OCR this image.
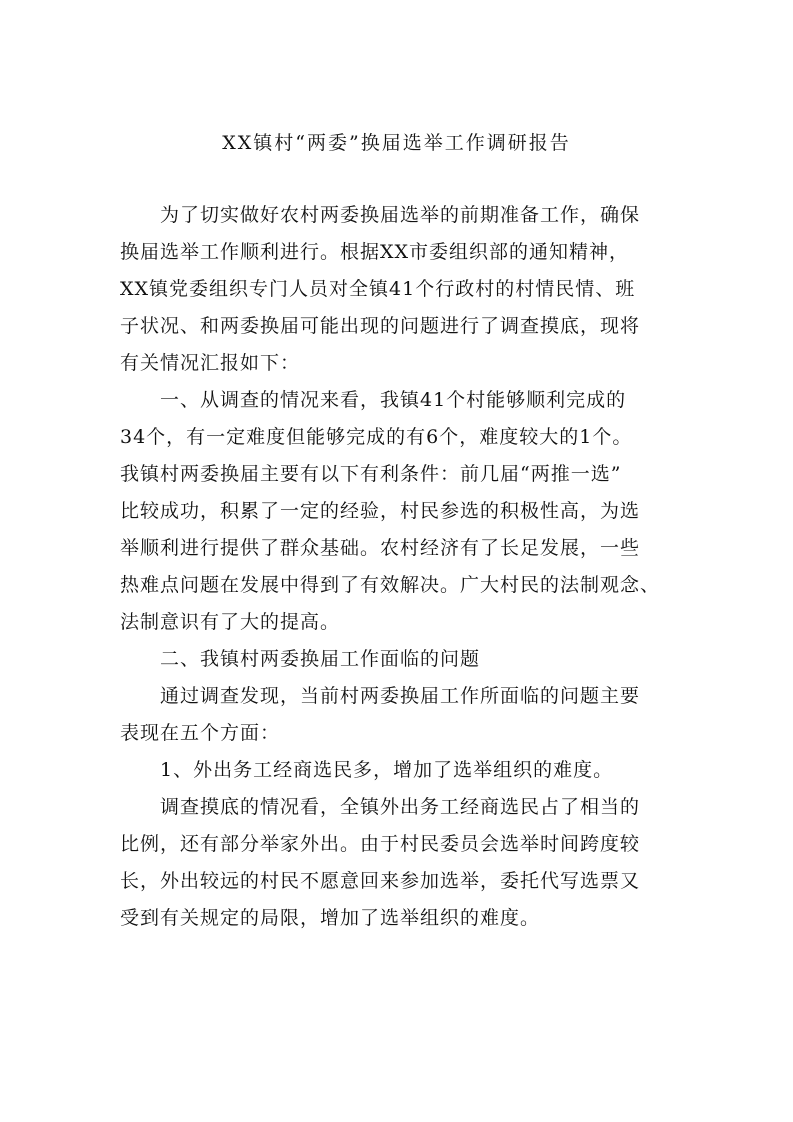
XX镇村“两委”换届选举工作调研报告
为了切实做好农村两委换届选举的前期准备工作，确保
换届选举工作顺利进行。根据XX市委组织部的通知精神，
XX镇党委组织专门人员对全镇41个行政村的村情民情、班
子状况、和两委换届可能出现的问题进行了调查摸底，现将
有关情况汇报如下：
一、从调查的情况来看，我镇41个村能够顺利完成的
34个，有一定难度但能够完成的有6个，难度较大的1个。
我镇村两委换届主要有以下有利条件：前几届“两推一选”
比较成功，积累了一定的经验，村民参选的积极性高，为选
举顺利进行提供了群众基础。农村经济有了长足发展，一些
热难点问题在发展中得到了有效解决。广大村民的法制观念、
法制意识有了大的提高。
二、我镇村两委换届工作面临的问题
通过调查发现，当前村两委换届工作所面临的问题主要
表现在五个方面：
1、外出务工经商选民多，增加了选举组织的难度。
调查摸底的情况看，全镇外出务工经商选民占了相当的
比例，还有部分举家外出。由于村民委员会选举时间跨度较
长，外出较远的村民不愿意回来参加选举，委托代写选票又
受到有关规定的局限，增加了选举组织的难度。
